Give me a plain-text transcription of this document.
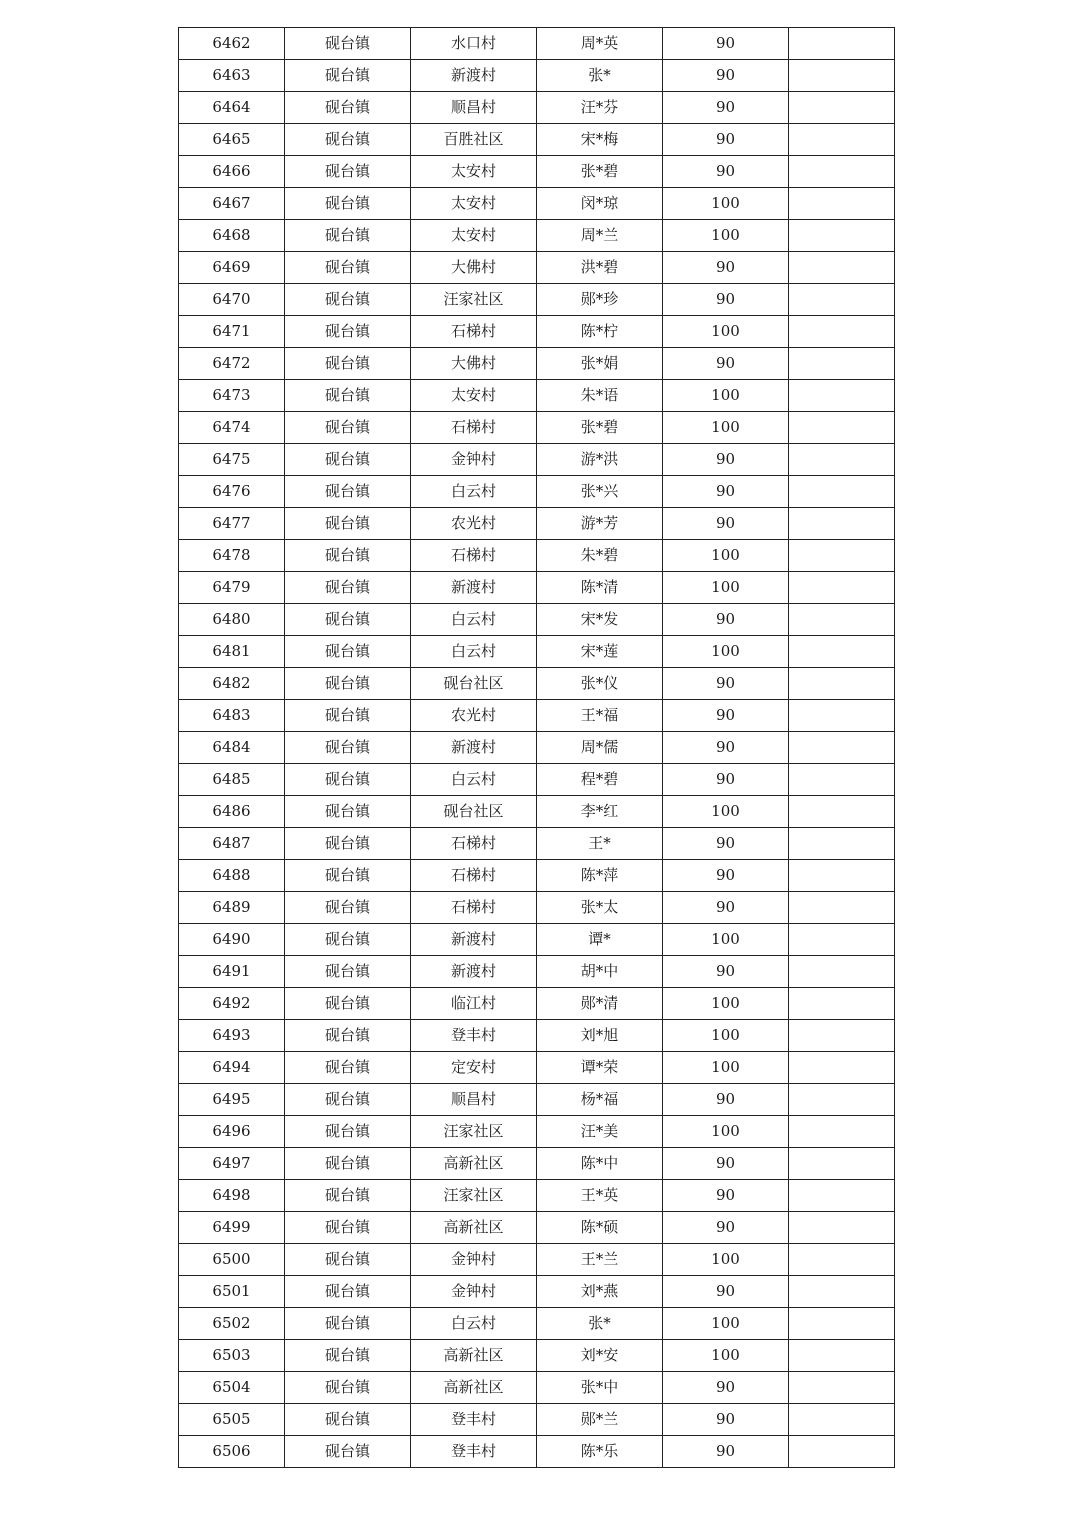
6462	砚台镇	水口村	周*英	90	
6463	砚台镇	新渡村	张*	90	
6464	砚台镇	顺昌村	汪*芬	90	
6465	砚台镇	百胜社区	宋*梅	90	
6466	砚台镇	太安村	张*碧	90	
6467	砚台镇	太安村	闵*琼	100	
6468	砚台镇	太安村	周*兰	100	
6469	砚台镇	大佛村	洪*碧	90	
6470	砚台镇	汪家社区	郧*珍	90	
6471	砚台镇	石梯村	陈*柠	100	
6472	砚台镇	大佛村	张*娟	90	
6473	砚台镇	太安村	朱*语	100	
6474	砚台镇	石梯村	张*碧	100	
6475	砚台镇	金钟村	游*洪	90	
6476	砚台镇	白云村	张*兴	90	
6477	砚台镇	农光村	游*芳	90	
6478	砚台镇	石梯村	朱*碧	100	
6479	砚台镇	新渡村	陈*清	100	
6480	砚台镇	白云村	宋*发	90	
6481	砚台镇	白云村	宋*莲	100	
6482	砚台镇	砚台社区	张*仪	90	
6483	砚台镇	农光村	王*福	90	
6484	砚台镇	新渡村	周*儒	90	
6485	砚台镇	白云村	程*碧	90	
6486	砚台镇	砚台社区	李*红	100	
6487	砚台镇	石梯村	王*	90	
6488	砚台镇	石梯村	陈*萍	90	
6489	砚台镇	石梯村	张*太	90	
6490	砚台镇	新渡村	谭*	100	
6491	砚台镇	新渡村	胡*中	90	
6492	砚台镇	临江村	郧*清	100	
6493	砚台镇	登丰村	刘*旭	100	
6494	砚台镇	定安村	谭*荣	100	
6495	砚台镇	顺昌村	杨*福	90	
6496	砚台镇	汪家社区	汪*美	100	
6497	砚台镇	高新社区	陈*中	90	
6498	砚台镇	汪家社区	王*英	90	
6499	砚台镇	高新社区	陈*硕	90	
6500	砚台镇	金钟村	王*兰	100	
6501	砚台镇	金钟村	刘*燕	90	
6502	砚台镇	白云村	张*	100	
6503	砚台镇	高新社区	刘*安	100	
6504	砚台镇	高新社区	张*中	90	
6505	砚台镇	登丰村	郧*兰	90	
6506	砚台镇	登丰村	陈*乐	90	
